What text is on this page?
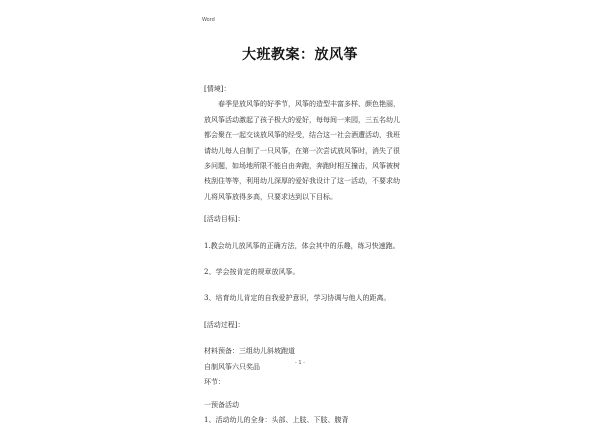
Word
大班教案：放风筝

[情境]：

春季是放风筝的好季节，风筝的造型丰富多样、颜色艳丽，放风筝活动激起了孩子极大的爱好，每每间一来园，三五名幼儿都会聚在一起交谈放风筝的经受，结合这一社会酒遭活动，我班请幼儿每人自制了一只风筝，在第一次尝试放风筝时，消失了很多问题，如场地所限不能自由奔跑，奔跑时相互撞击，风筝被树枝刮住等等，利用幼儿深厚的爱好我设计了这一活动，不要求幼儿将风筝放得多高，只要求达到以下目标。

[活动目标]：

1.教会幼儿放风筝的正确方法，体会其中的乐趣，练习快速跑。

2、学会按肯定的规章放风筝。

3、培育幼儿肯定的自我爱护意识，学习协调与他人的距离。

[活动过程]：

材料预备：三组幼儿斜坡跑道

自制风筝六只奖品

环节：

一预备活动

1、活动幼儿的全身：头部、上肢、下肢、腹背

- 1 -
